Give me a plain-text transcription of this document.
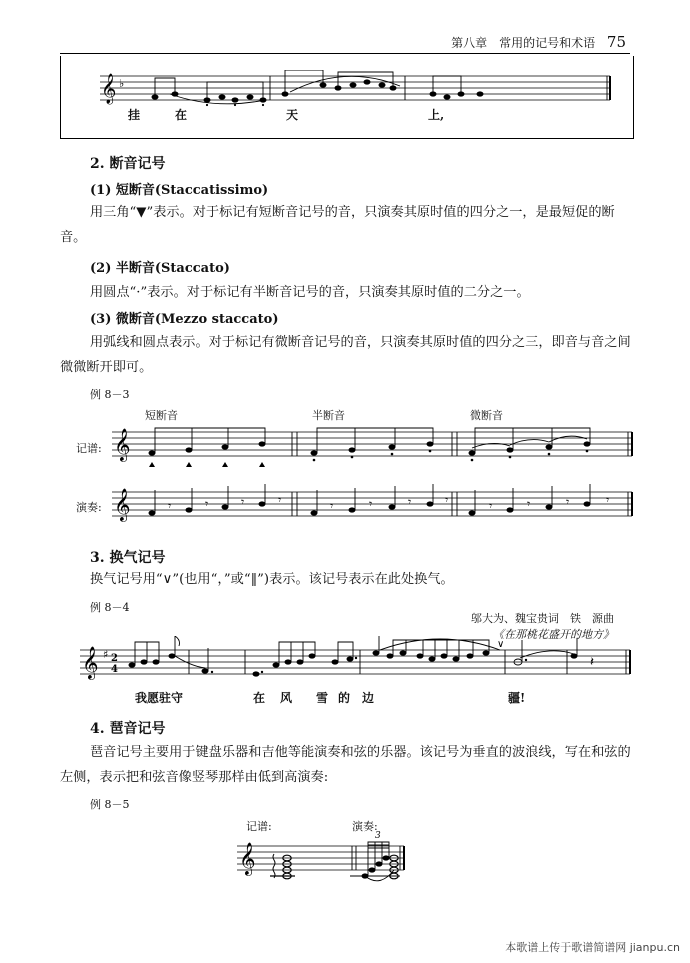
第八章　常用的记号和术语 75
𝄞 ♭
挂	在	天	上,
2. 断音记号
(1) 短断音(Staccatissimo)
用三角“▼”表示。对于标记有短断音记号的音，只演奏其原时值的四分之一，是最短促的断音。
(2) 半断音(Staccato)
用圆点“·”表示。对于标记有半断音记号的音，只演奏其原时值的二分之一。
(3) 微断音(Mezzo staccato)
用弧线和圆点表示。对于标记有微断音记号的音，只演奏其原时值的四分之三，即音与音之间微微断开即可。
例 8－3
短断音	半断音	微断音
记谱:
演奏:
𝄞
𝄞	𝄾	𝄾	𝄾	𝄾	𝄾	𝄾	𝄾	𝄾	𝄾	𝄾	𝄾	𝄾
3. 换气记号
换气记号用“∨”(也用“，”或“‖”)表示。该记号表示在此处换气。
例 8－4
邬大为、魏宝贵词　铁　源曲
《在那桃花盛开的地方》
𝄞 ♯ 2
4
∨
𝄽
我愿驻守	在 风 雪 的 边	疆!
4. 琶音记号
琶音记号主要用于键盘乐器和吉他等能演奏和弦的乐器。该记号为垂直的波浪线，写在和弦的左侧，表示把和弦音像竖琴那样由低到高演奏:
例 8－5
记谱:	演奏:
𝄞
3
本歌谱上传于歌谱简谱网 jianpu.cn
